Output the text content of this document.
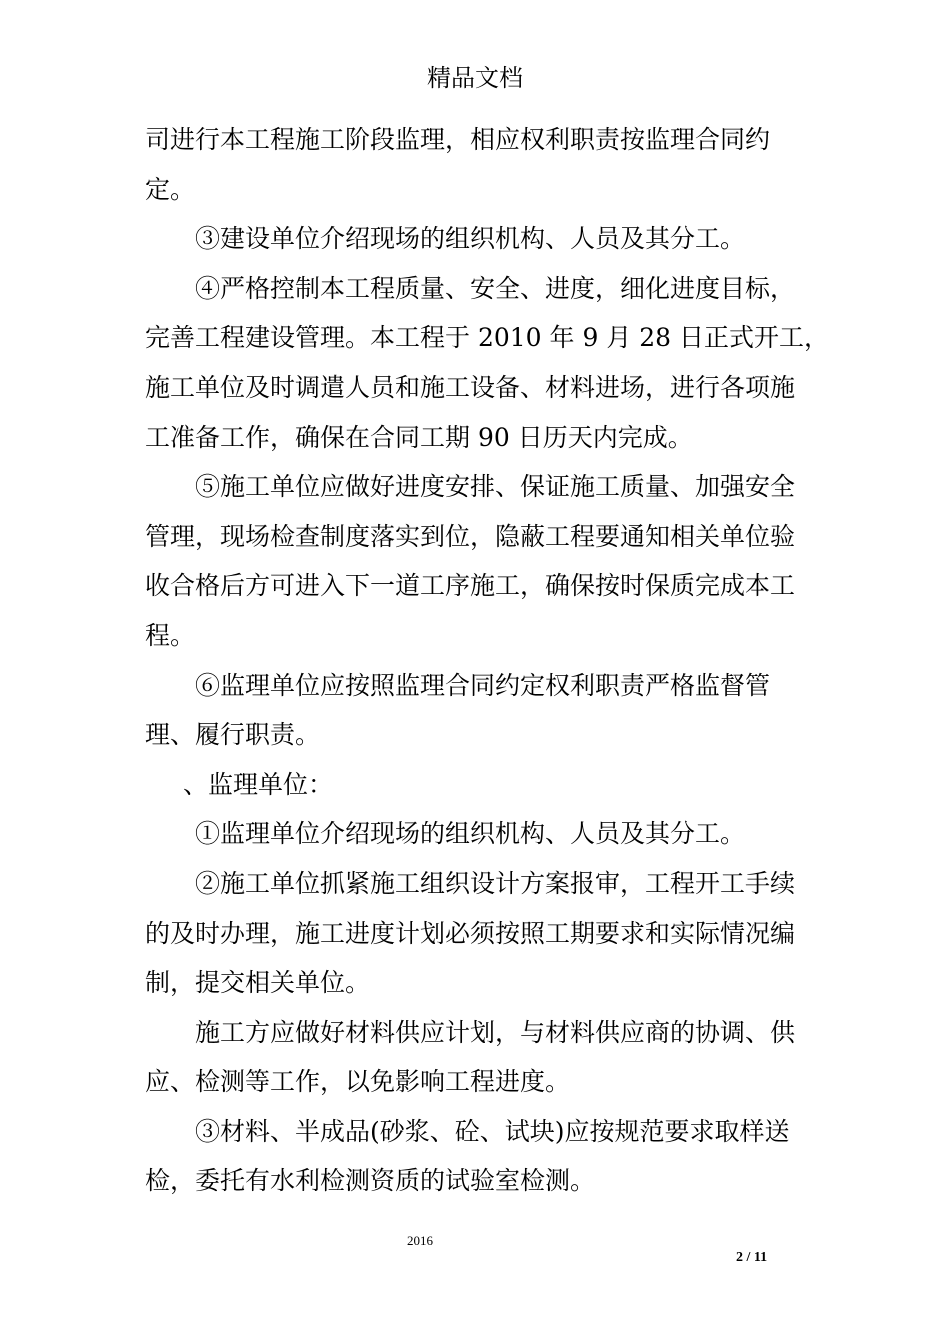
精品文档

司进行本工程施工阶段监理，相应权利职责按监理合同约
定。

③建设单位介绍现场的组织机构、人员及其分工。

④严格控制本工程质量、安全、进度，细化进度目标，
完善工程建设管理。本工程于 2010 年 9 月 28 日正式开工，
施工单位及时调遣人员和施工设备、材料进场，进行各项施
工准备工作，确保在合同工期 90 日历天内完成。

⑤施工单位应做好进度安排、保证施工质量、加强安全
管理，现场检查制度落实到位，隐蔽工程要通知相关单位验
收合格后方可进入下一道工序施工，确保按时保质完成本工
程。

⑥监理单位应按照监理合同约定权利职责严格监督管
理、履行职责。

、监理单位：

①监理单位介绍现场的组织机构、人员及其分工。

②施工单位抓紧施工组织设计方案报审，工程开工手续
的及时办理，施工进度计划必须按照工期要求和实际情况编
制，提交相关单位。

施工方应做好材料供应计划，与材料供应商的协调、供
应、检测等工作，以免影响工程进度。

③材料、半成品(砂浆、砼、试块)应按规范要求取样送
检，委托有水利检测资质的试验室检测。

2016
2 / 11
